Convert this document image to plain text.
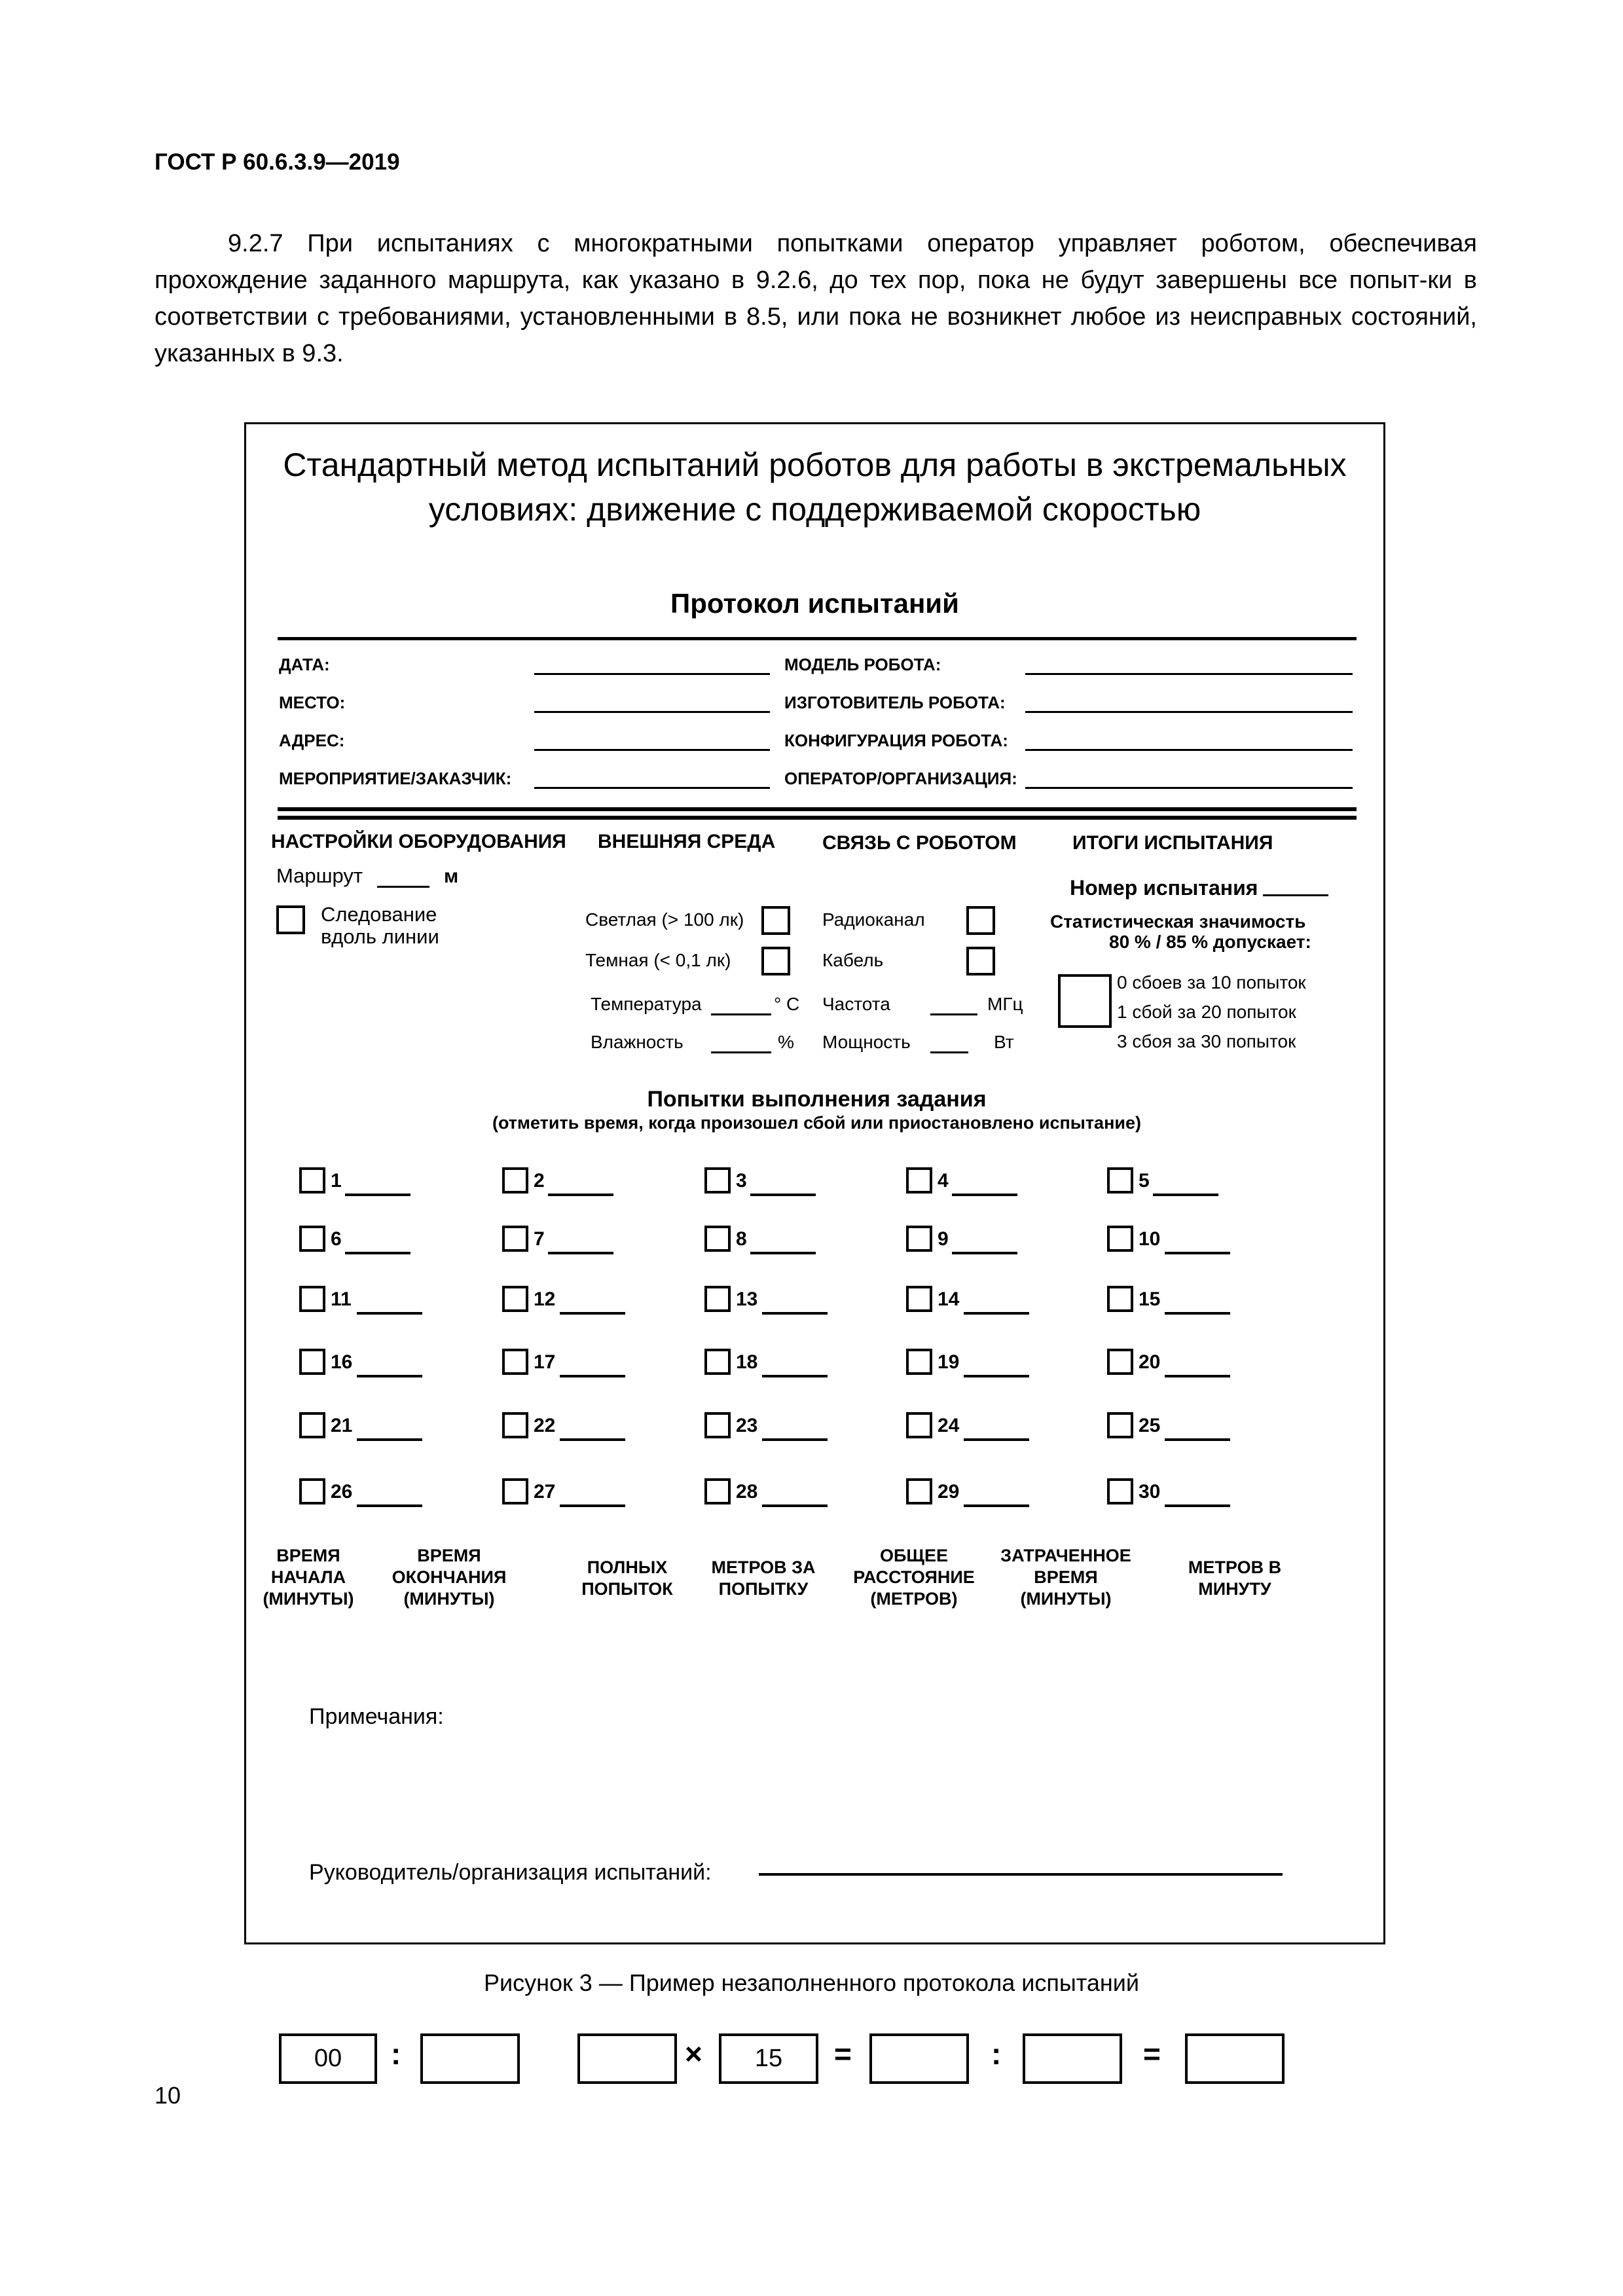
ГОСТ Р 60.6.3.9—2019
9.2.7 При испытаниях с многократными попытками оператор управляет роботом, обеспечивая прохождение заданного маршрута, как указано в 9.2.6, до тех пор, пока не будут завершены все попыт-ки в соответствии с требованиями, установленными в 8.5, или пока не возникнет любое из неисправных состояний, указанных в 9.3.
Стандартный метод испытаний роботов для работы в экстремальных условиях: движение с поддерживаемой скоростью
Протокол испытаний
ДАТА:
МЕСТО:
АДРЕС:
МЕРОПРИЯТИЕ/ЗАКАЗЧИК:
МОДЕЛЬ РОБОТА:
ИЗГОТОВИТЕЛЬ РОБОТА:
КОНФИГУРАЦИЯ РОБОТА:
ОПЕРАТОР/ОРГАНИЗАЦИЯ:
НАСТРОЙКИ ОБОРУДОВАНИЯ ВНЕШНЯЯ СРЕДА СВЯЗЬ С РОБОТОМ	ИТОГИ ИСПЫТАНИЯ
Маршрут	м
Следование вдоль линии
Светлая (> 100 лк)
Темная (< 0,1 лк)
Температура	° С
Влажность	%
Радиоканал
Кабель
Частота	МГц
Мощность	Вт
Номер испытания
Статистическая значимость
80 % / 85 % допускает:
0 сбоев за 10 попыток
1 сбой за 20 попыток
3 сбоя за 30 попыток
Попытки выполнения задания
(отметить время, когда произошел сбой или приостановлено испытание)
1	2	3	4	5
6	7	8	9	10
11	12	13	14	15
16	17	18	19	20
21	22	23	24	25
26	27	28	29	30
ВРЕМЯ НАЧАЛА (МИНУТЫ)
ВРЕМЯ ОКОНЧАНИЯ (МИНУТЫ)
ПОЛНЫХ ПОПЫТОК
МЕТРОВ ЗА ПОПЫТКУ
ОБЩЕЕ РАССТОЯНИЕ (МЕТРОВ)
ЗАТРАЧЕННОЕ ВРЕМЯ (МИНУТЫ)
МЕТРОВ В МИНУТУ
00	:	×	15	=	:	=
Примечания:
Руководитель/организация испытаний:
Рисунок 3 — Пример незаполненного протокола испытаний
10
